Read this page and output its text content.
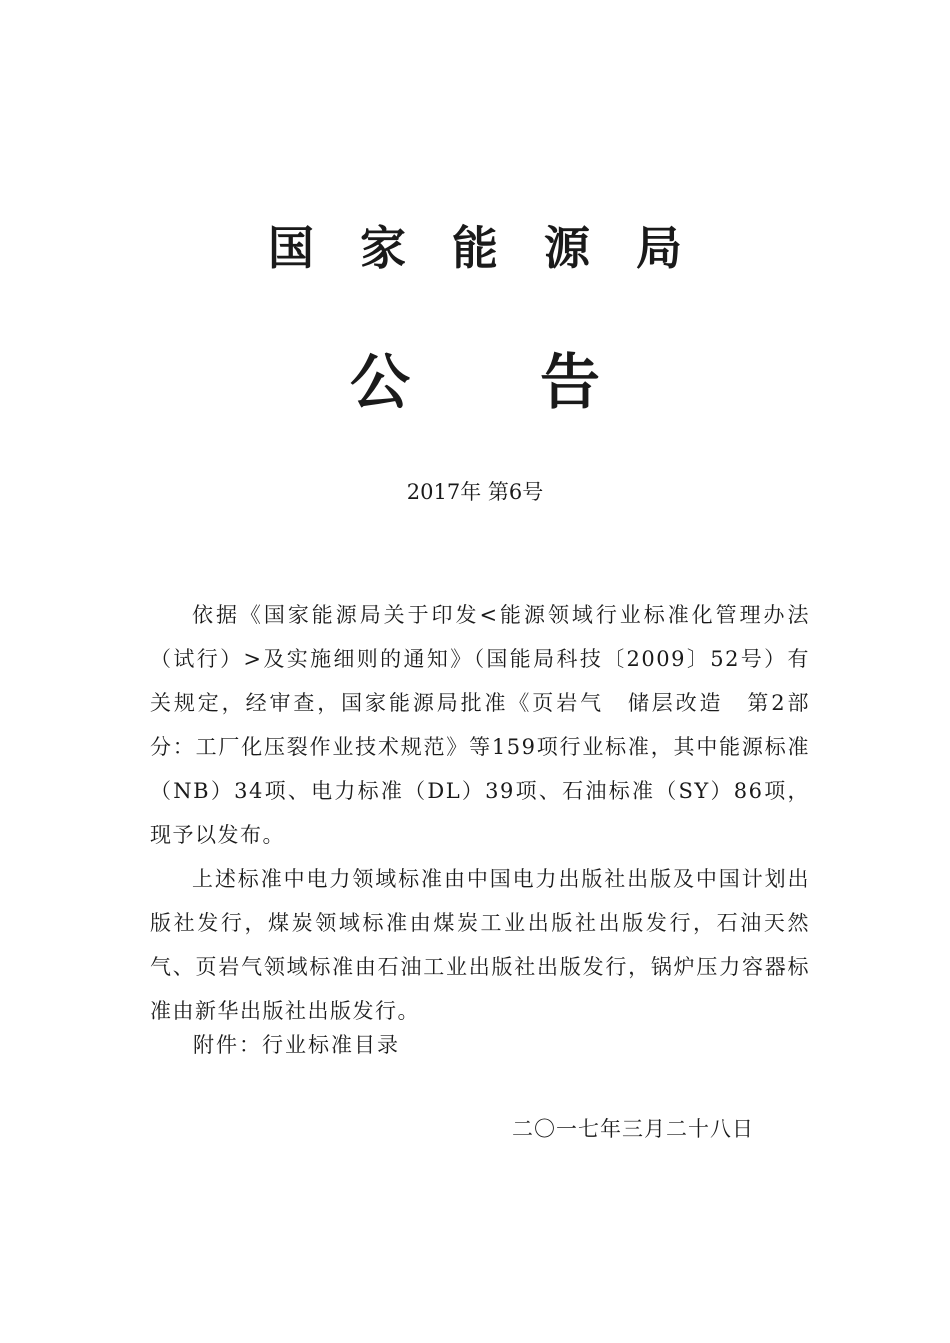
国家能源局
公告
2017年 第6号

依据《国家能源局关于印发<能源领域行业标准化管理办法（试行）>及实施细则的通知》（国能局科技〔2009〕52号）有关规定，经审查，国家能源局批准《页岩气　储层改造　第2部分：工厂化压裂作业技术规范》等159项行业标准，其中能源标准（NB）34项、电力标准（DL）39项、石油标准（SY）86项，现予以发布。

上述标准中电力领域标准由中国电力出版社出版及中国计划出版社发行，煤炭领域标准由煤炭工业出版社出版发行，石油天然气、页岩气领域标准由石油工业出版社出版发行，锅炉压力容器标准由新华出版社出版发行。

附件：行业标准目录
二〇一七年三月二十八日
